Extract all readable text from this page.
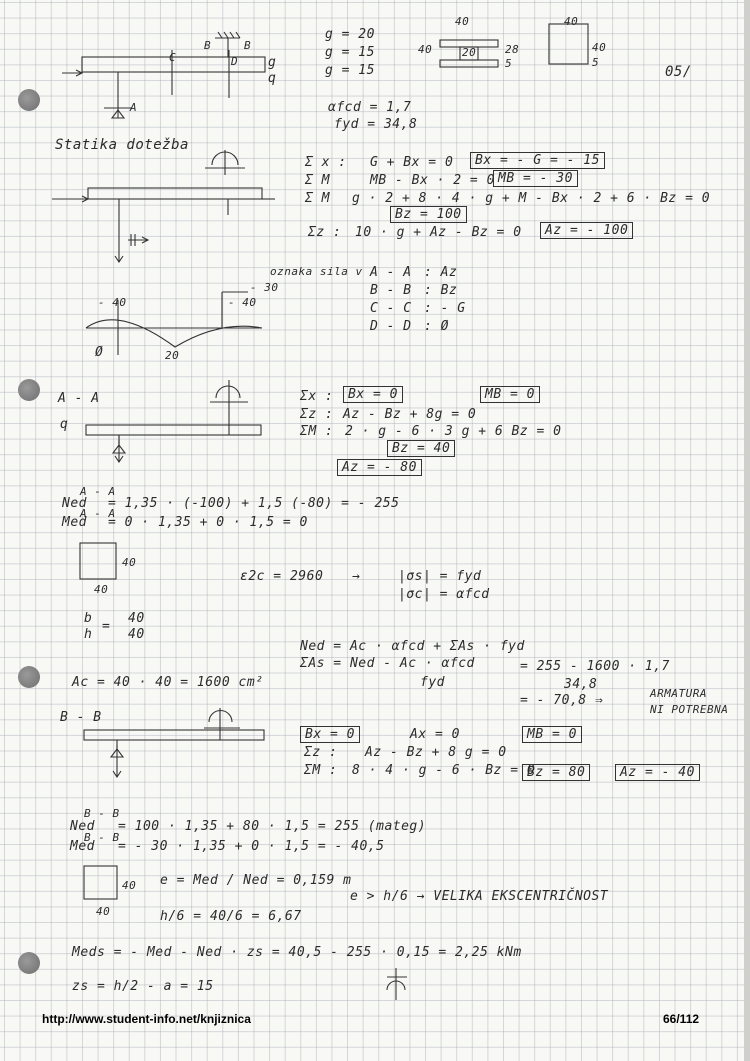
g = 20
g = 15
g = 15
αfcd = 1,7
fyd = 34,8
40
40	20	28
5
40
40
5
05/
B	B
D
C	g
q
A
Statika dotežba
Σ x : G + Bx = 0	Bx = - G = - 15
Σ M	MB - Bx · 2 = 0 MB = - 30
Σ M g · 2 + 8 · 4 · g + M - Bx · 2 + 6 · Bz = 0
Bz = 100
Σz : 10 · g + Az - Bz = 0	Az = - 100
oznaka sila v A - A : Az
B - B : Bz
C - C : - G
D - D : Ø
- 40	- 40
- 30
20
Ø
A - A
q
Σx :	Bx = 0	MB = 0
Σz : Az - Bz + 8g = 0
ΣM : 2 · g - 6 · 3 g + 6 Bz = 0
Bz = 40
Az = - 80
Ned
A - A
= 1,35 · (-100) + 1,5 (-80) = - 255
Med
A - A
= 0 · 1,35 + 0 · 1,5 = 0
40
40
b
h
=
40
40
ε2c = 2960 →	|σs| = fyd
|σc| = αfcd
Ned = Ac · αfcd + ΣAs · fyd
ΣAs = Ned - Ac · αfcd
fyd
= 255 - 1600 · 1,7
34,8
= - 70,8 ⇒	ARMATURA
NI POTREBNA
Ac = 40 · 40 = 1600 cm²
B - B
Bx = 0	Ax = 0	MB = 0
Σz : Az - Bz + 8 g = 0
ΣM : 8 · 4 · g - 6 · Bz = 0
Bz = 80	Az = - 40
Ned
B - B
= 100 · 1,35 + 80 · 1,5 = 255 (mateg)
Med
B - B
= - 30 · 1,35 + 0 · 1,5 = - 40,5
40
40
e = Med / Ned = 0,159 m
h/6 = 40/6 = 6,67
e > h/6 → VELIKA EKSCENTRIČNOST
Meds = - Med - Ned · zs = 40,5 - 255 · 0,15 = 2,25 kNm
zs = h/2 - a = 15
http://www.student-info.net/knjiznica	66/112
